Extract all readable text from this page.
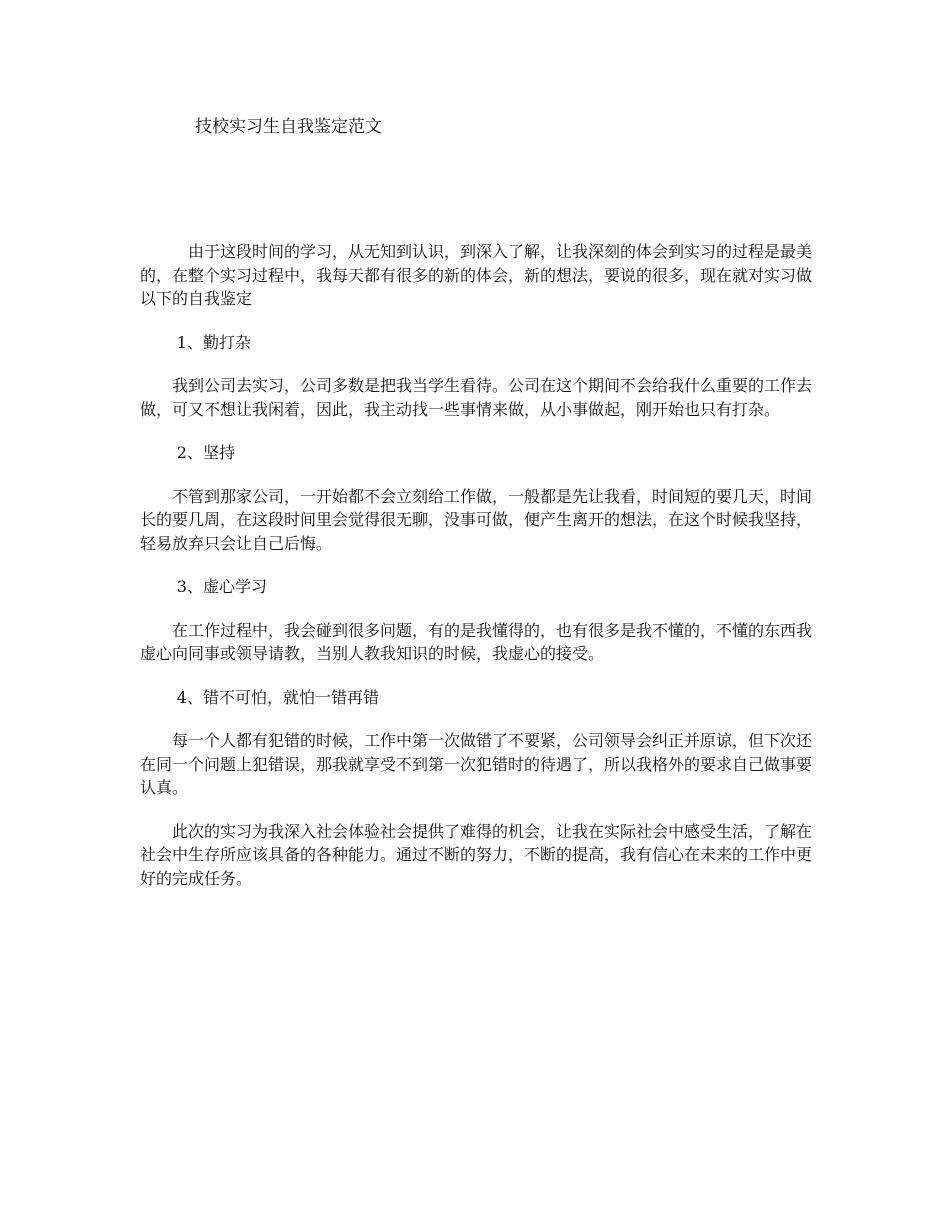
技校实习生自我鉴定范文

由于这段时间的学习，从无知到认识，到深入了解，让我深刻的体会到实习的过程是最美的，在整个实习过程中，我每天都有很多的新的体会，新的想法，要说的很多，现在就对实习做以下的自我鉴定

1、勤打杂

我到公司去实习，公司多数是把我当学生看待。公司在这个期间不会给我什么重要的工作去做，可又不想让我闲着，因此，我主动找一些事情来做，从小事做起，刚开始也只有打杂。

2、坚持

不管到那家公司，一开始都不会立刻给工作做，一般都是先让我看，时间短的要几天，时间长的要几周，在这段时间里会觉得很无聊，没事可做，便产生离开的想法，在这个时候我坚持，轻易放弃只会让自己后悔。

3、虚心学习

在工作过程中，我会碰到很多问题，有的是我懂得的，也有很多是我不懂的，不懂的东西我虚心向同事或领导请教，当别人教我知识的时候，我虚心的接受。

4、错不可怕，就怕一错再错

每一个人都有犯错的时候，工作中第一次做错了不要紧，公司领导会纠正并原谅，但下次还在同一个问题上犯错误，那我就享受不到第一次犯错时的待遇了，所以我格外的要求自己做事要认真。

此次的实习为我深入社会体验社会提供了难得的机会，让我在实际社会中感受生活，了解在社会中生存所应该具备的各种能力。通过不断的努力，不断的提高，我有信心在未来的工作中更好的完成任务。
